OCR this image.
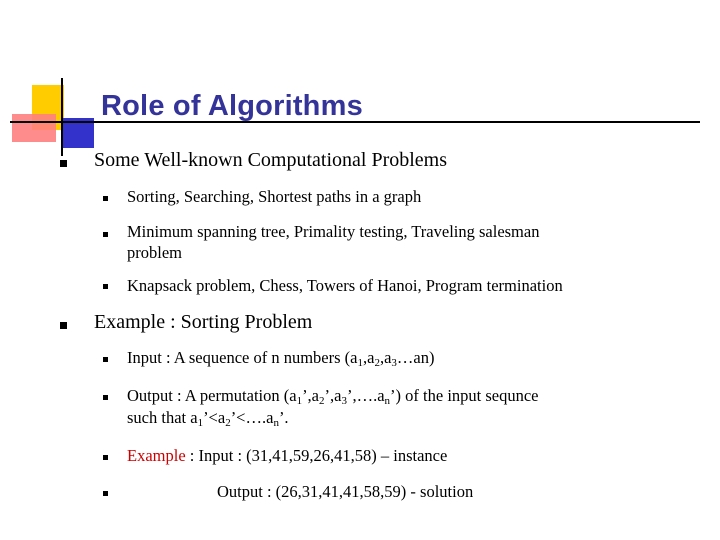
Role of Algorithms
Some Well-known Computational Problems
Sorting, Searching, Shortest paths in a graph
Minimum spanning tree, Primality testing, Traveling salesman problem
Knapsack problem, Chess, Towers of Hanoi, Program termination
Example : Sorting Problem
Input : A sequence of n numbers $(a_1,a_2,a_3\dots an)$
Output : A permutation $(a_1’,a_2’,a_3’,\dots.a_n’)$ of the input sequnce
such that $a_1’<a_2’<\dots.a_n$’.
Example : Input : (31,41,59,26,41,58) – instance
Output : (26,31,41,41,58,59) - solution
